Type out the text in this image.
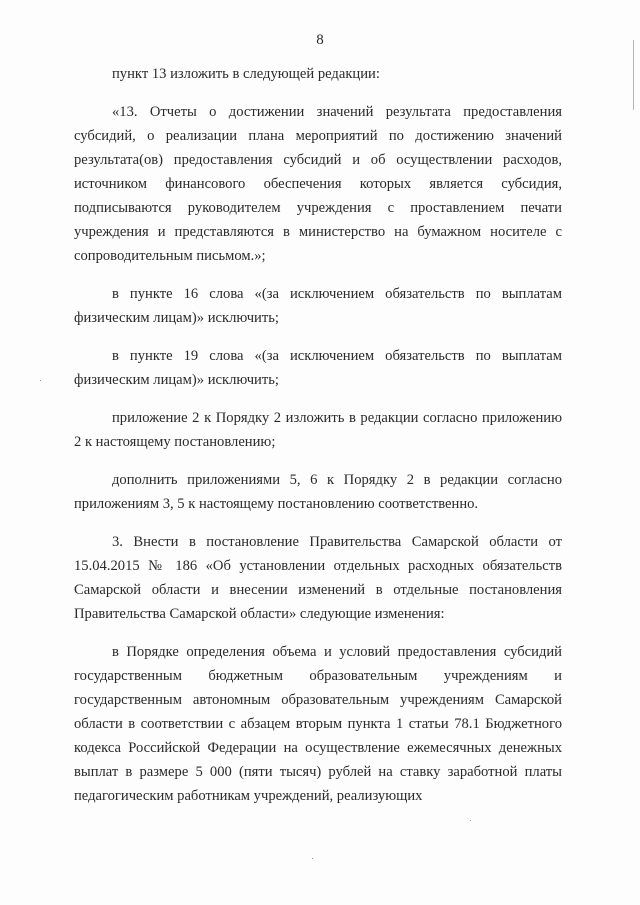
8

пункт 13 изложить в следующей редакции:

«13. Отчеты о достижении значений результата предоставления субсидий, о реализации плана мероприятий по достижению значений результата(ов) предоставления субсидий и об осуществлении расходов, источником финансового обеспечения которых является субсидия, подписываются руководителем учреждения с проставлением печати учреждения и представляются в министерство на бумажном носителе с сопроводительным письмом.»;

в пункте 16 слова «(за исключением обязательств по выплатам физическим лицам)» исключить;

в пункте 19 слова «(за исключением обязательств по выплатам физическим лицам)» исключить;

приложение 2 к Порядку 2 изложить в редакции согласно приложению 2 к настоящему постановлению;

дополнить приложениями 5, 6 к Порядку 2 в редакции согласно приложениям 3, 5 к настоящему постановлению соответственно.

3. Внести в постановление Правительства Самарской области от 15.04.2015 № 186 «Об установлении отдельных расходных обязательств Самарской области и внесении изменений в отдельные постановления Правительства Самарской области» следующие изменения:

в Порядке определения объема и условий предоставления субсидий государственным бюджетным образовательным учреждениям и государственным автономным образовательным учреждениям Самарской области в соответствии с абзацем вторым пункта 1 статьи 78.1 Бюджетного кодекса Российской Федерации на осуществление ежемесячных денежных выплат в размере 5 000 (пяти тысяч) рублей на ставку заработной платы педагогическим работникам учреждений, реализующих
